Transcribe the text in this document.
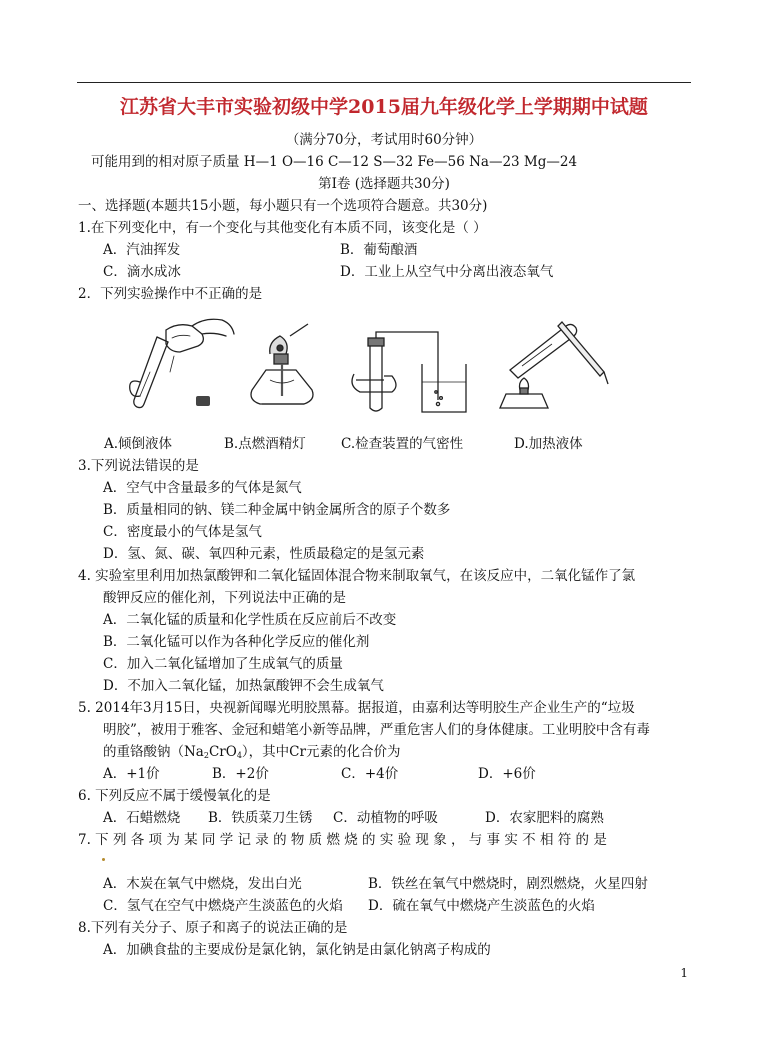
江苏省大丰市实验初级中学2015届九年级化学上学期期中试题
（满分70分，考试用时60分钟）
可能用到的相对原子质量 H—1 O—16 C—12 S—32 Fe—56 Na—23 Mg—24
第Ⅰ卷 (选择题共30分)
一、选择题(本题共15小题，每小题只有一个选项符合题意。共30分)
1.在下列变化中，有一个变化与其他变化有本质不同，该变化是（ ）
A．汽油挥发	B．葡萄酿酒
C．滴水成冰	D．工业上从空气中分离出液态氧气
2．下列实验操作中不正确的是
A.倾倒液体	B.点燃酒精灯	C.检查装置的气密性	D.加热液体
3.下列说法错误的是
A．空气中含量最多的气体是氮气
B．质量相同的钠、镁二种金属中钠金属所含的原子个数多
C．密度最小的气体是氢气
D．氢、氮、碳、氧四种元素，性质最稳定的是氢元素
4. 实验室里利用加热氯酸钾和二氧化锰固体混合物来制取氧气，在该反应中，二氧化锰作了氯
酸钾反应的催化剂，下列说法中正确的是
A．二氧化锰的质量和化学性质在反应前后不改变
B．二氧化锰可以作为各种化学反应的催化剂
C．加入二氧化锰增加了生成氧气的质量
D．不加入二氧化锰，加热氯酸钾不会生成氧气
5. 2014年3月15日，央视新闻曝光明胶黑幕。据报道，由嘉利达等明胶生产企业生产的“垃圾
明胶”，被用于雅客、金冠和蜡笔小新等品牌，严重危害人们的身体健康。工业明胶中含有毒
的重铬酸钠$(Na_2CrO_4)$，其中Cr元素的化合价为
A．+1价	B．+2价	C．+4价	D．+6价
6. 下列反应不属于缓慢氧化的是
A．石蜡燃烧 B．铁质菜刀生锈 C．动植物的呼吸	D．农家肥料的腐熟
7. 下 列 各 项 为 某 同 学 记 录 的 物 质 燃 烧 的 实 验 现 象 ， 与 事 实 不 相 符 的 是
A．木炭在氧气中燃烧，发出白光	B．铁丝在氧气中燃烧时，剧烈燃烧，火星四射
C．氢气在空气中燃烧产生淡蓝色的火焰 D．硫在氧气中燃烧产生淡蓝色的火焰
8.下列有关分子、原子和离子的说法正确的是
A．加碘食盐的主要成份是氯化钠，氯化钠是由氯化钠离子构成的
1
